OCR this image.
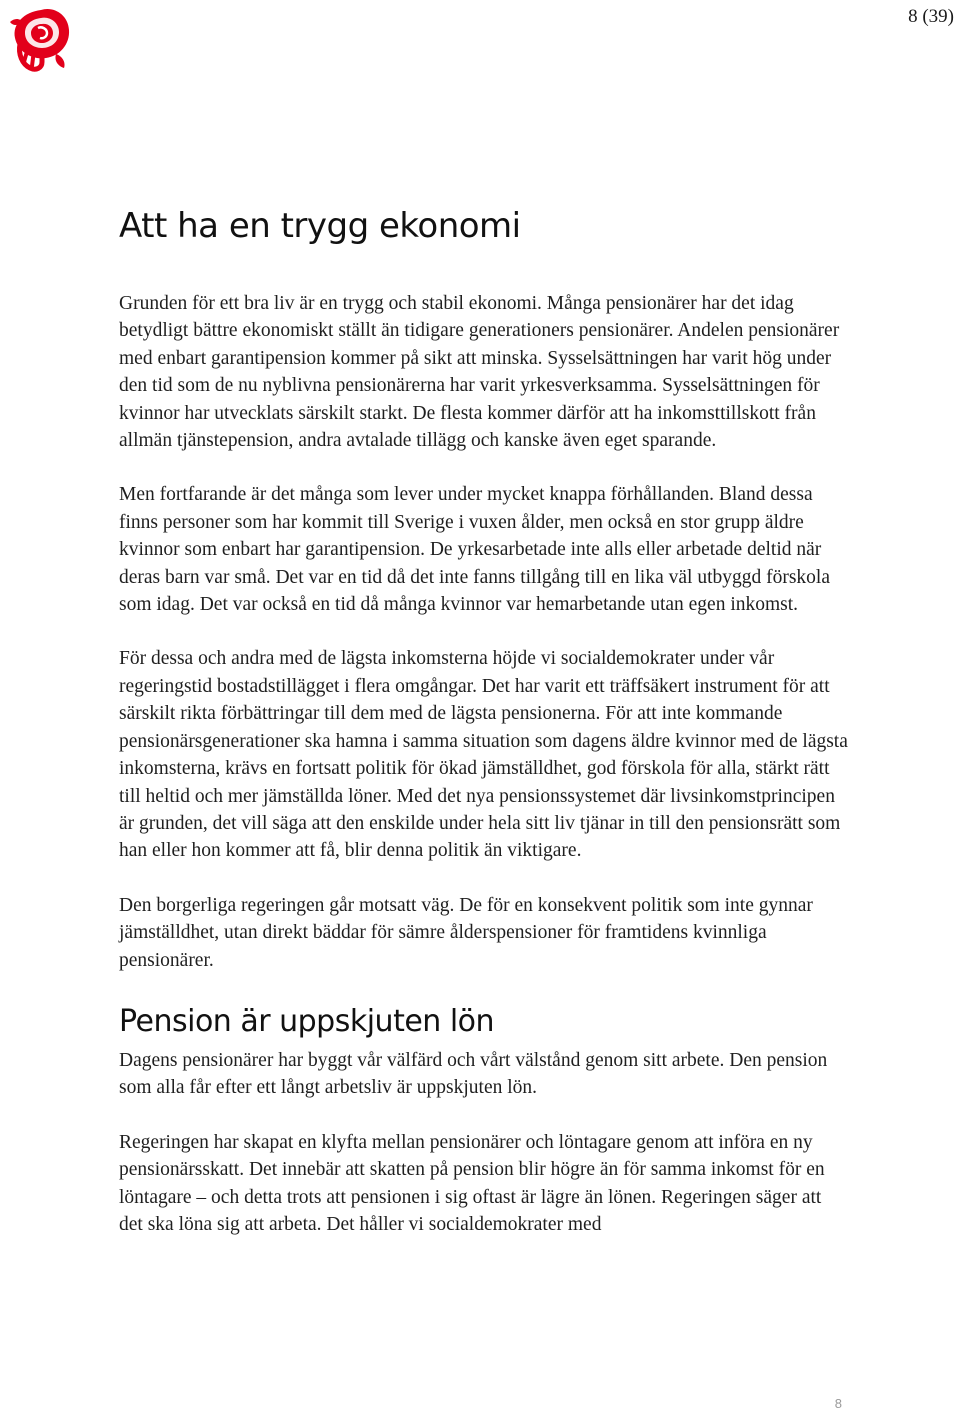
8 (39)
Att ha en trygg ekonomi

Grunden för ett bra liv är en trygg och stabil ekonomi. Många pensionärer har det idag betydligt bättre ekonomiskt ställt än tidigare generationers pensionärer. Andelen pensionärer med enbart garantipension kommer på sikt att minska. Sysselsättningen har varit hög under den tid som de nu nyblivna pensionärerna har varit yrkesverksamma. Sysselsättningen för kvinnor har utvecklats särskilt starkt. De flesta kommer därför att ha inkomsttillskott från allmän tjänstepension, andra avtalade tillägg och kanske även eget sparande.

Men fortfarande är det många som lever under mycket knappa förhållanden. Bland dessa finns personer som har kommit till Sverige i vuxen ålder, men också en stor grupp äldre kvinnor som enbart har garantipension. De yrkesarbetade inte alls eller arbetade deltid när deras barn var små. Det var en tid då det inte fanns tillgång till en lika väl utbyggd förskola som idag. Det var också en tid då många kvinnor var hemarbetande utan egen inkomst.

För dessa och andra med de lägsta inkomsterna höjde vi socialdemokrater under vår regeringstid bostadstillägget i flera omgångar. Det har varit ett träffsäkert instrument för att särskilt rikta förbättringar till dem med de lägsta pensionerna. För att inte kommande pensionärsgenerationer ska hamna i samma situation som dagens äldre kvinnor med de lägsta inkomsterna, krävs en fortsatt politik för ökad jämställdhet, god förskola för alla, stärkt rätt till heltid och mer jämställda löner. Med det nya pensionssystemet där livsinkomstprincipen är grunden, det vill säga att den enskilde under hela sitt liv tjänar in till den pensionsrätt som han eller hon kommer att få, blir denna politik än viktigare.

Den borgerliga regeringen går motsatt väg. De för en konsekvent politik som inte gynnar jämställdhet, utan direkt bäddar för sämre ålderspensioner för framtidens kvinnliga pensionärer.

Pension är uppskjuten lön

Dagens pensionärer har byggt vår välfärd och vårt välstånd genom sitt arbete. Den pension som alla får efter ett långt arbetsliv är uppskjuten lön.

Regeringen har skapat en klyfta mellan pensionärer och löntagare genom att införa en ny pensionärsskatt. Det innebär att skatten på pension blir högre än för samma inkomst för en löntagare – och detta trots att pensionen i sig oftast är lägre än lönen. Regeringen säger att det ska löna sig att arbeta. Det håller vi socialdemokrater med

8
